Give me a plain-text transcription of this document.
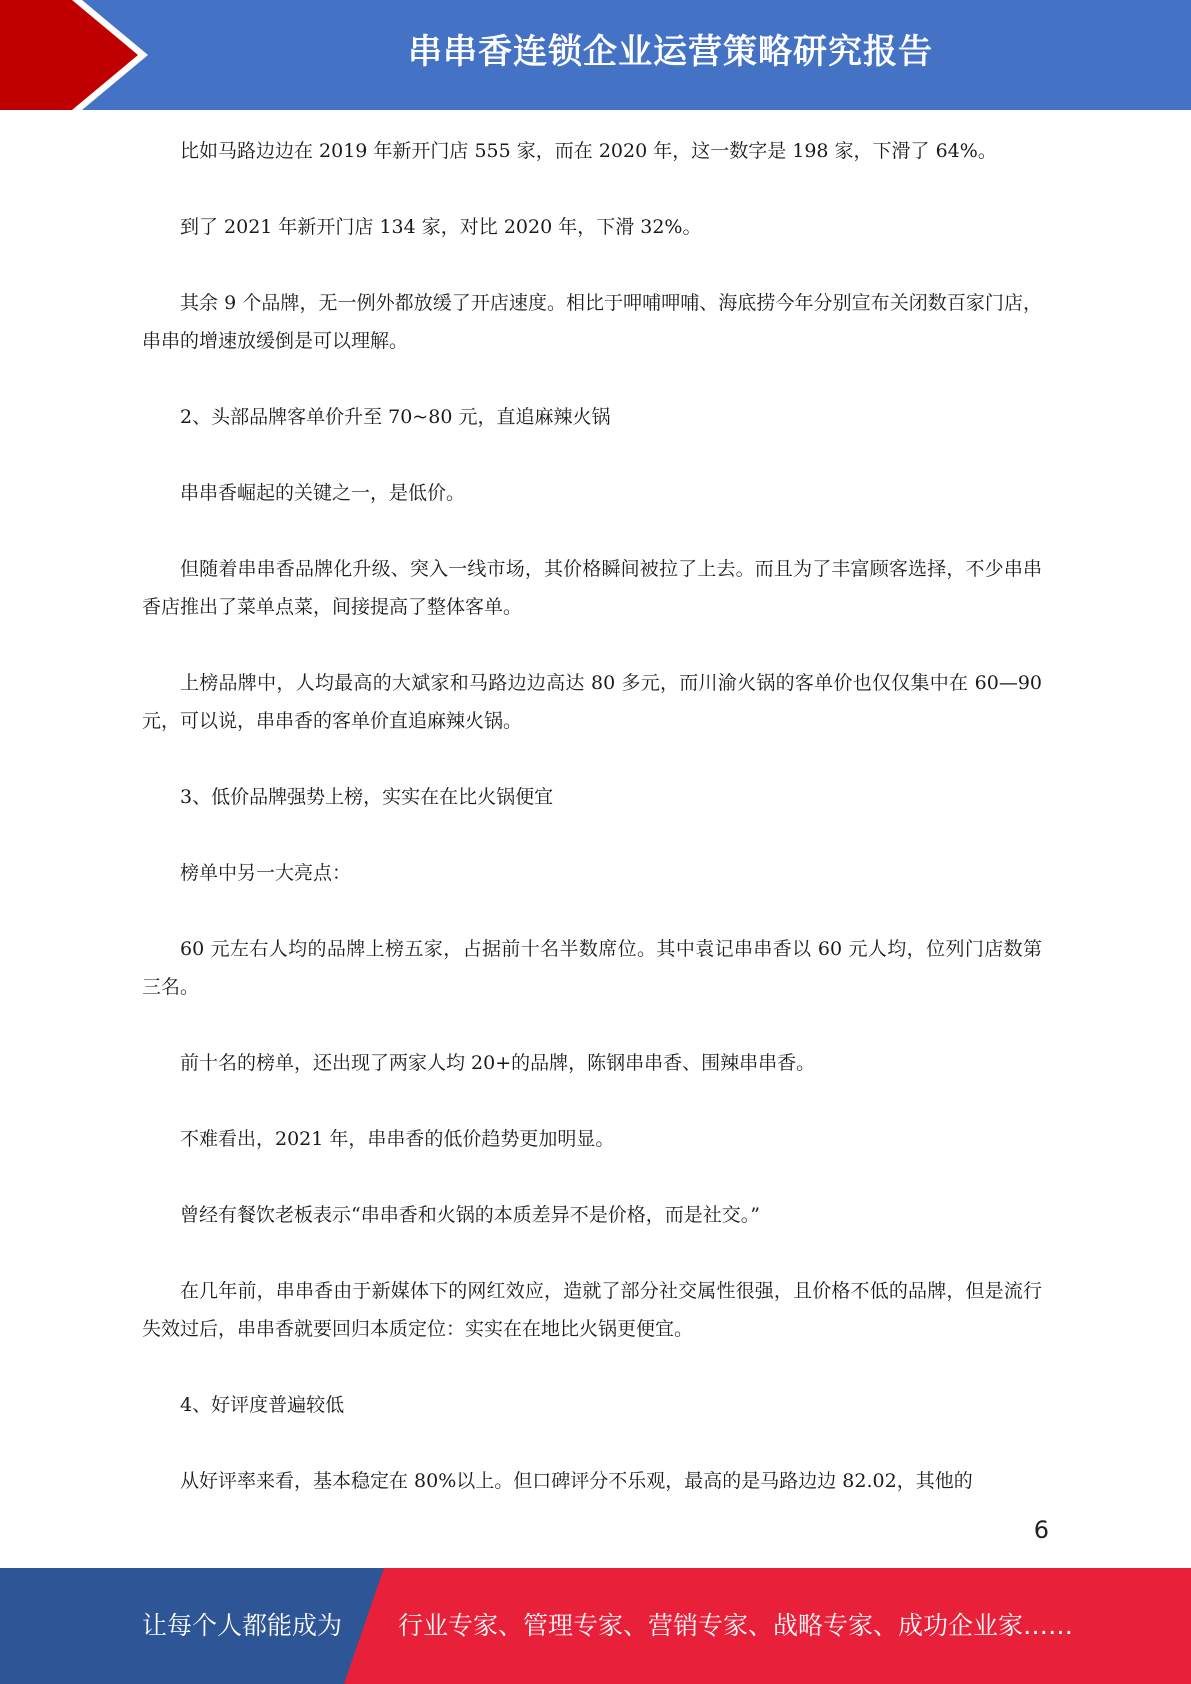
串串香连锁企业运营策略研究报告

比如马路边边在 2019 年新开门店 555 家，而在 2020 年，这一数字是 198 家，下滑了 64%。

到了 2021 年新开门店 134 家，对比 2020 年，下滑 32%。

其余 9 个品牌，无一例外都放缓了开店速度。相比于呷哺呷哺、海底捞今年分别宣布关闭数百家门店，串串的增速放缓倒是可以理解。

2、头部品牌客单价升至 70~80 元，直追麻辣火锅

串串香崛起的关键之一，是低价。

但随着串串香品牌化升级、突入一线市场，其价格瞬间被拉了上去。而且为了丰富顾客选择，不少串串香店推出了菜单点菜，间接提高了整体客单。

上榜品牌中，人均最高的大斌家和马路边边高达 80 多元，而川渝火锅的客单价也仅仅集中在 60—90 元，可以说，串串香的客单价直追麻辣火锅。

3、低价品牌强势上榜，实实在在比火锅便宜

榜单中另一大亮点：

60 元左右人均的品牌上榜五家，占据前十名半数席位。其中袁记串串香以 60 元人均，位列门店数第三名。

前十名的榜单，还出现了两家人均 20+的品牌，陈钢串串香、围辣串串香。

不难看出，2021 年，串串香的低价趋势更加明显。

曾经有餐饮老板表示“串串香和火锅的本质差异不是价格，而是社交。”

在几年前，串串香由于新媒体下的网红效应，造就了部分社交属性很强，且价格不低的品牌，但是流行失效过后，串串香就要回归本质定位：实实在在地比火锅更便宜。

4、好评度普遍较低

从好评率来看，基本稳定在 80%以上。但口碑评分不乐观，最高的是马路边边 82.02，其他的

6
让每个人都能成为 行业专家、管理专家、营销专家、战略专家、成功企业家……
